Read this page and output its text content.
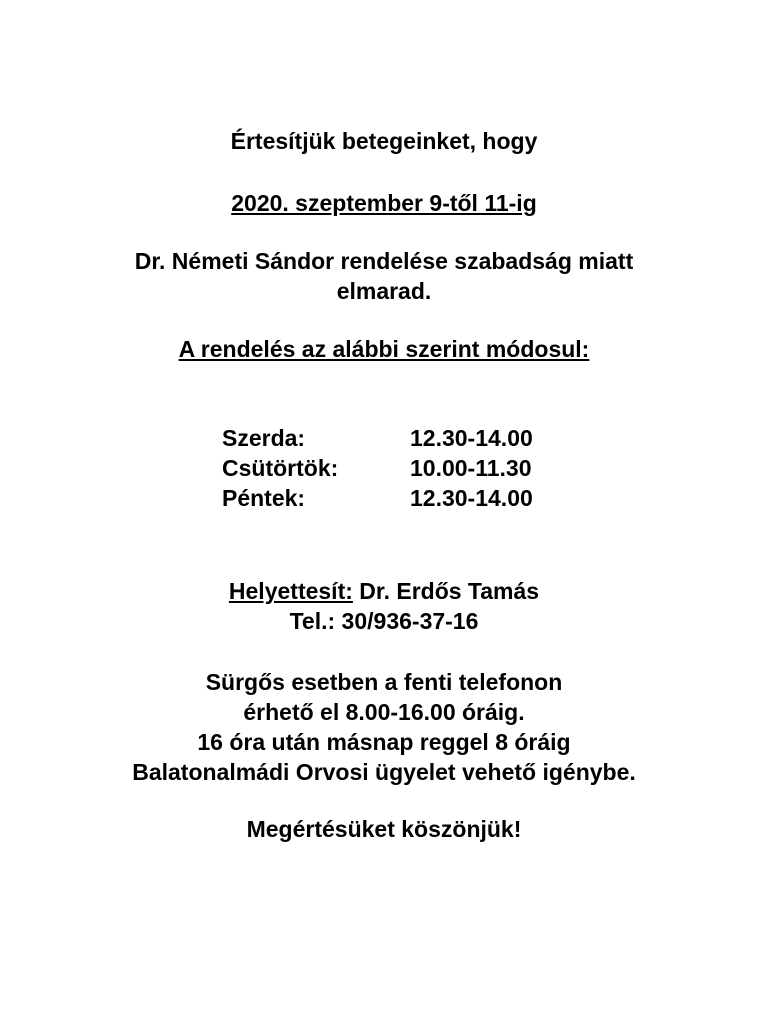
Értesítjük betegeinket, hogy
2020. szeptember 9-től 11-ig
Dr. Németi Sándor rendelése szabadság miatt
elmarad.
A rendelés az alábbi szerint módosul:
Szerda:	12.30-14.00
Csütörtök:	10.00-11.30
Péntek:	12.30-14.00
Helyettesít: Dr. Erdős Tamás
Tel.: 30/936-37-16
Sürgős esetben a fenti telefonon
érhető el 8.00-16.00 óráig.
16 óra után másnap reggel 8 óráig
Balatonalmádi Orvosi ügyelet vehető igénybe.
Megértésüket köszönjük!
